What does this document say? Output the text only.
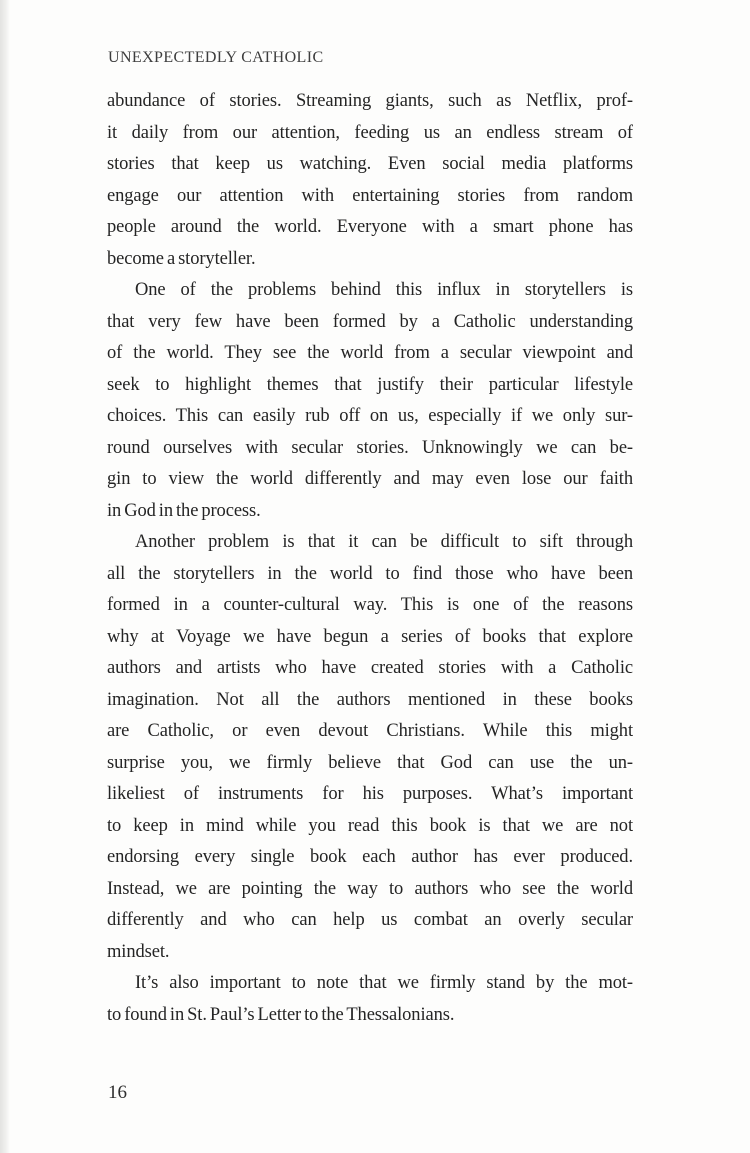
UNEXPECTEDLY CATHOLIC
abundance of stories. Streaming giants, such as Netflix, prof-
it daily from our attention, feeding us an endless stream of
stories that keep us watching. Even social media platforms
engage our attention with entertaining stories from random
people around the world. Everyone with a smart phone has
become a storyteller.
One of the problems behind this influx in storytellers is
that very few have been formed by a Catholic understanding
of the world. They see the world from a secular viewpoint and
seek to highlight themes that justify their particular lifestyle
choices. This can easily rub off on us, especially if we only sur-
round ourselves with secular stories. Unknowingly we can be-
gin to view the world differently and may even lose our faith
in God in the process.
Another problem is that it can be difficult to sift through
all the storytellers in the world to find those who have been
formed in a counter-cultural way. This is one of the reasons
why at Voyage we have begun a series of books that explore
authors and artists who have created stories with a Catholic
imagination. Not all the authors mentioned in these books
are Catholic, or even devout Christians. While this might
surprise you, we firmly believe that God can use the un-
likeliest of instruments for his purposes. What’s important
to keep in mind while you read this book is that we are not
endorsing every single book each author has ever produced.
Instead, we are pointing the way to authors who see the world
differently and who can help us combat an overly secular
mindset.
It’s also important to note that we firmly stand by the mot-
to found in St. Paul’s Letter to the Thessalonians.
16
